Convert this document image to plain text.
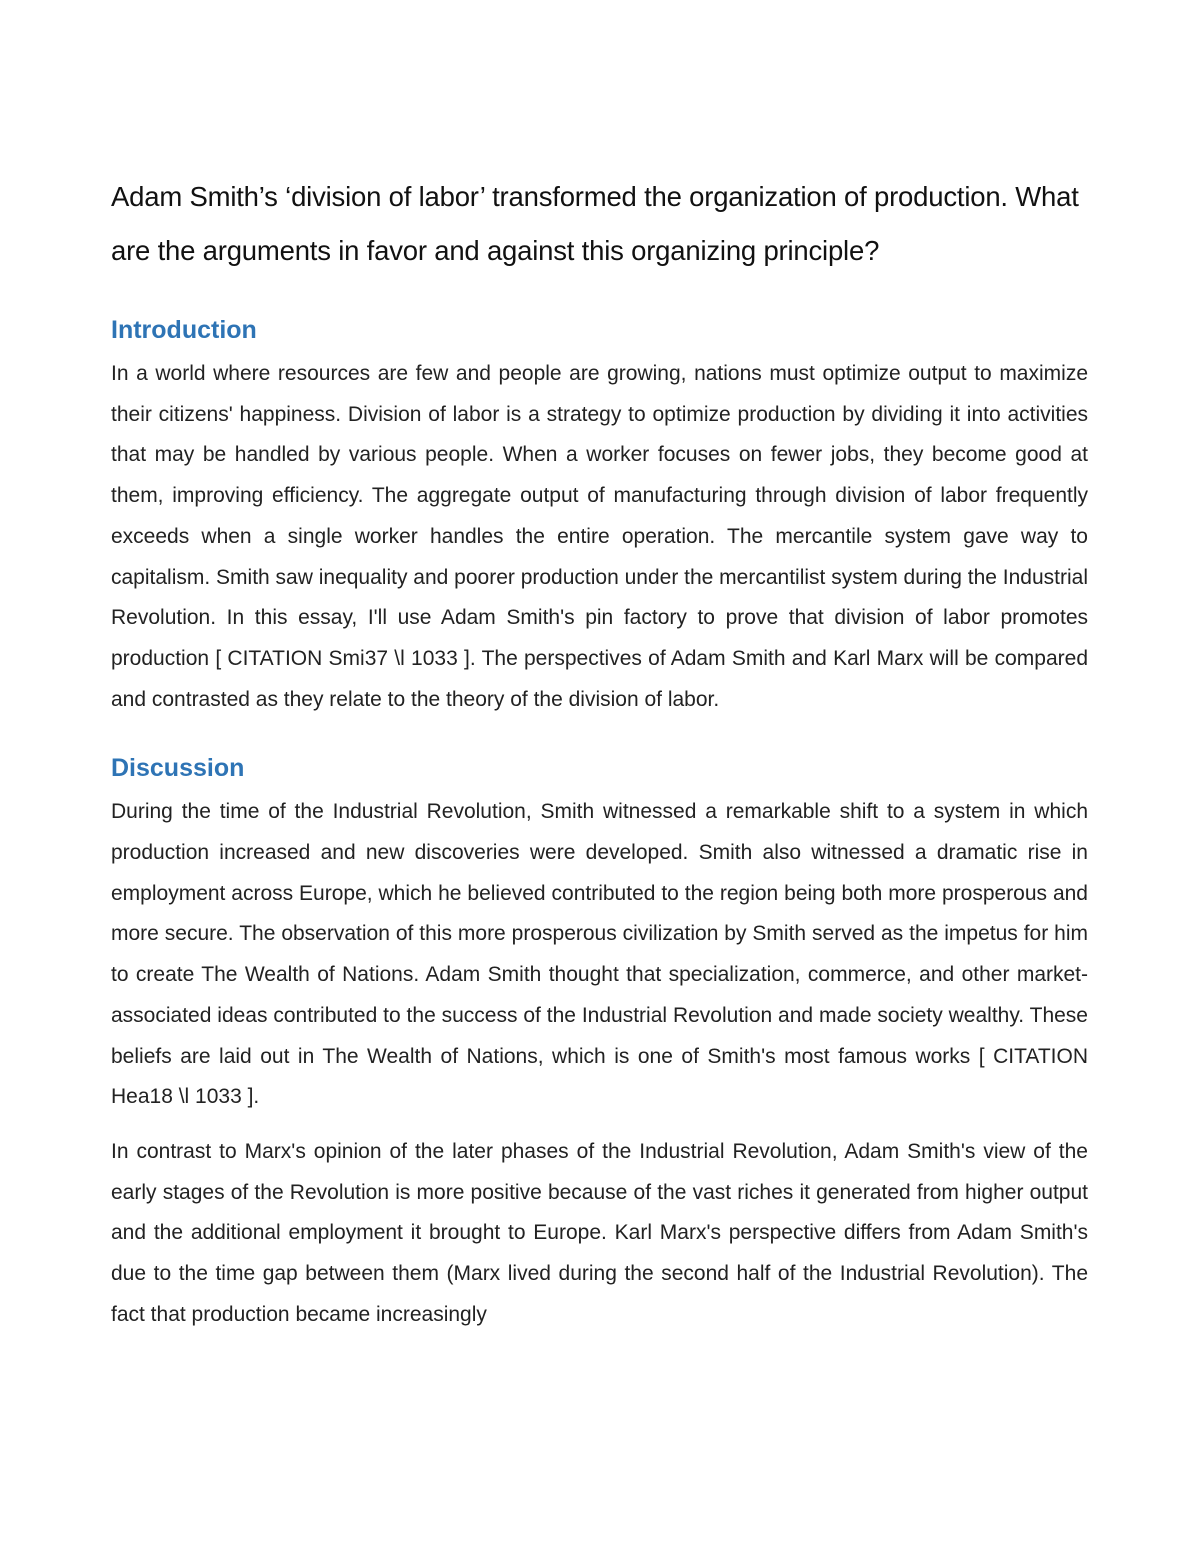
Adam Smith’s ‘division of labor’ transformed the organization of production. What are the arguments in favor and against this organizing principle?
Introduction

In a world where resources are few and people are growing, nations must optimize output to maximize their citizens' happiness. Division of labor is a strategy to optimize production by dividing it into activities that may be handled by various people. When a worker focuses on fewer jobs, they become good at them, improving efficiency. The aggregate output of manufacturing through division of labor frequently exceeds when a single worker handles the entire operation. The mercantile system gave way to capitalism. Smith saw inequality and poorer production under the mercantilist system during the Industrial Revolution. In this essay, I'll use Adam Smith's pin factory to prove that division of labor promotes production [ CITATION Smi37 \l 1033 ]. The perspectives of Adam Smith and Karl Marx will be compared and contrasted as they relate to the theory of the division of labor.

Discussion

During the time of the Industrial Revolution, Smith witnessed a remarkable shift to a system in which production increased and new discoveries were developed. Smith also witnessed a dramatic rise in employment across Europe, which he believed contributed to the region being both more prosperous and more secure. The observation of this more prosperous civilization by Smith served as the impetus for him to create The Wealth of Nations. Adam Smith thought that specialization, commerce, and other market-associated ideas contributed to the success of the Industrial Revolution and made society wealthy. These beliefs are laid out in The Wealth of Nations, which is one of Smith's most famous works [ CITATION Hea18 \l 1033 ].

In contrast to Marx's opinion of the later phases of the Industrial Revolution, Adam Smith's view of the early stages of the Revolution is more positive because of the vast riches it generated from higher output and the additional employment it brought to Europe. Karl Marx's perspective differs from Adam Smith's due to the time gap between them (Marx lived during the second half of the Industrial Revolution). The fact that production became increasingly
